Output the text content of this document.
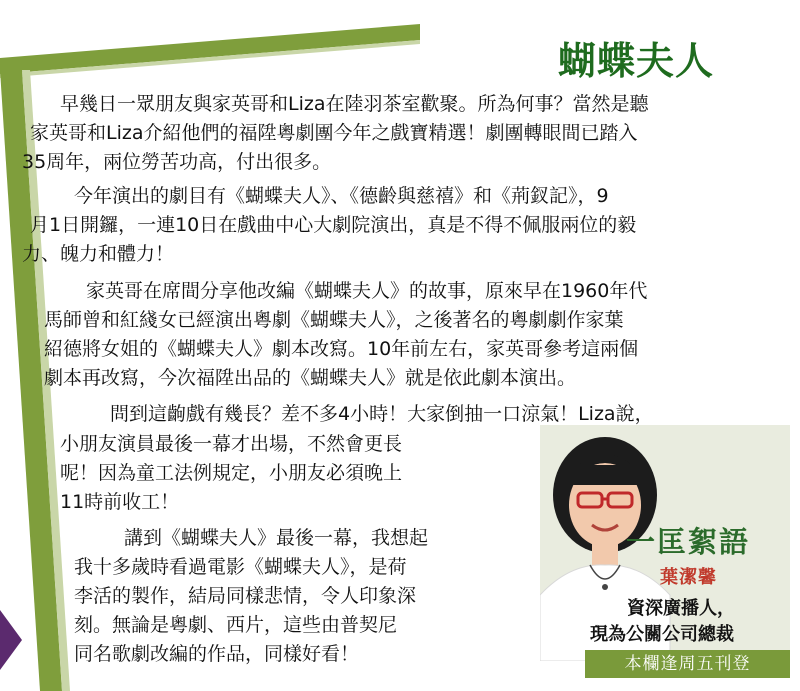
蝴蝶夫人

早幾日一眾朋友與家英哥和Liza在陸羽茶室歡聚。所為何事？當然是聽

家英哥和Liza介紹他們的福陞粵劇團今年之戲寶精選！劇團轉眼間已踏入

35周年，兩位勞苦功高，付出很多。

今年演出的劇目有《蝴蝶夫人》、《德齡與慈禧》和《荊釵記》，9

月1日開鑼，一連10日在戲曲中心大劇院演出，真是不得不佩服兩位的毅

力、魄力和體力！

家英哥在席間分享他改編《蝴蝶夫人》的故事，原來早在1960年代

馬師曾和紅綫女已經演出粵劇《蝴蝶夫人》，之後著名的粵劇劇作家葉

紹德將女姐的《蝴蝶夫人》劇本改寫。10年前左右，家英哥參考這兩個

劇本再改寫，今次福陞出品的《蝴蝶夫人》就是依此劇本演出。

問到這齣戲有幾長？差不多4小時！大家倒抽一口涼氣！Liza說，

小朋友演員最後一幕才出場，不然會更長

呢！因為童工法例規定，小朋友必須晚上

11時前收工！

講到《蝴蝶夫人》最後一幕，我想起

我十多歲時看過電影《蝴蝶夫人》，是荷

李活的製作，結局同樣悲情，令人印象深

刻。無論是粵劇、西片，這些由普契尼

同名歌劇改編的作品，同樣好看！

一匡絮語
葉潔馨
資深廣播人，
現為公關公司總裁
本欄逢周五刊登
